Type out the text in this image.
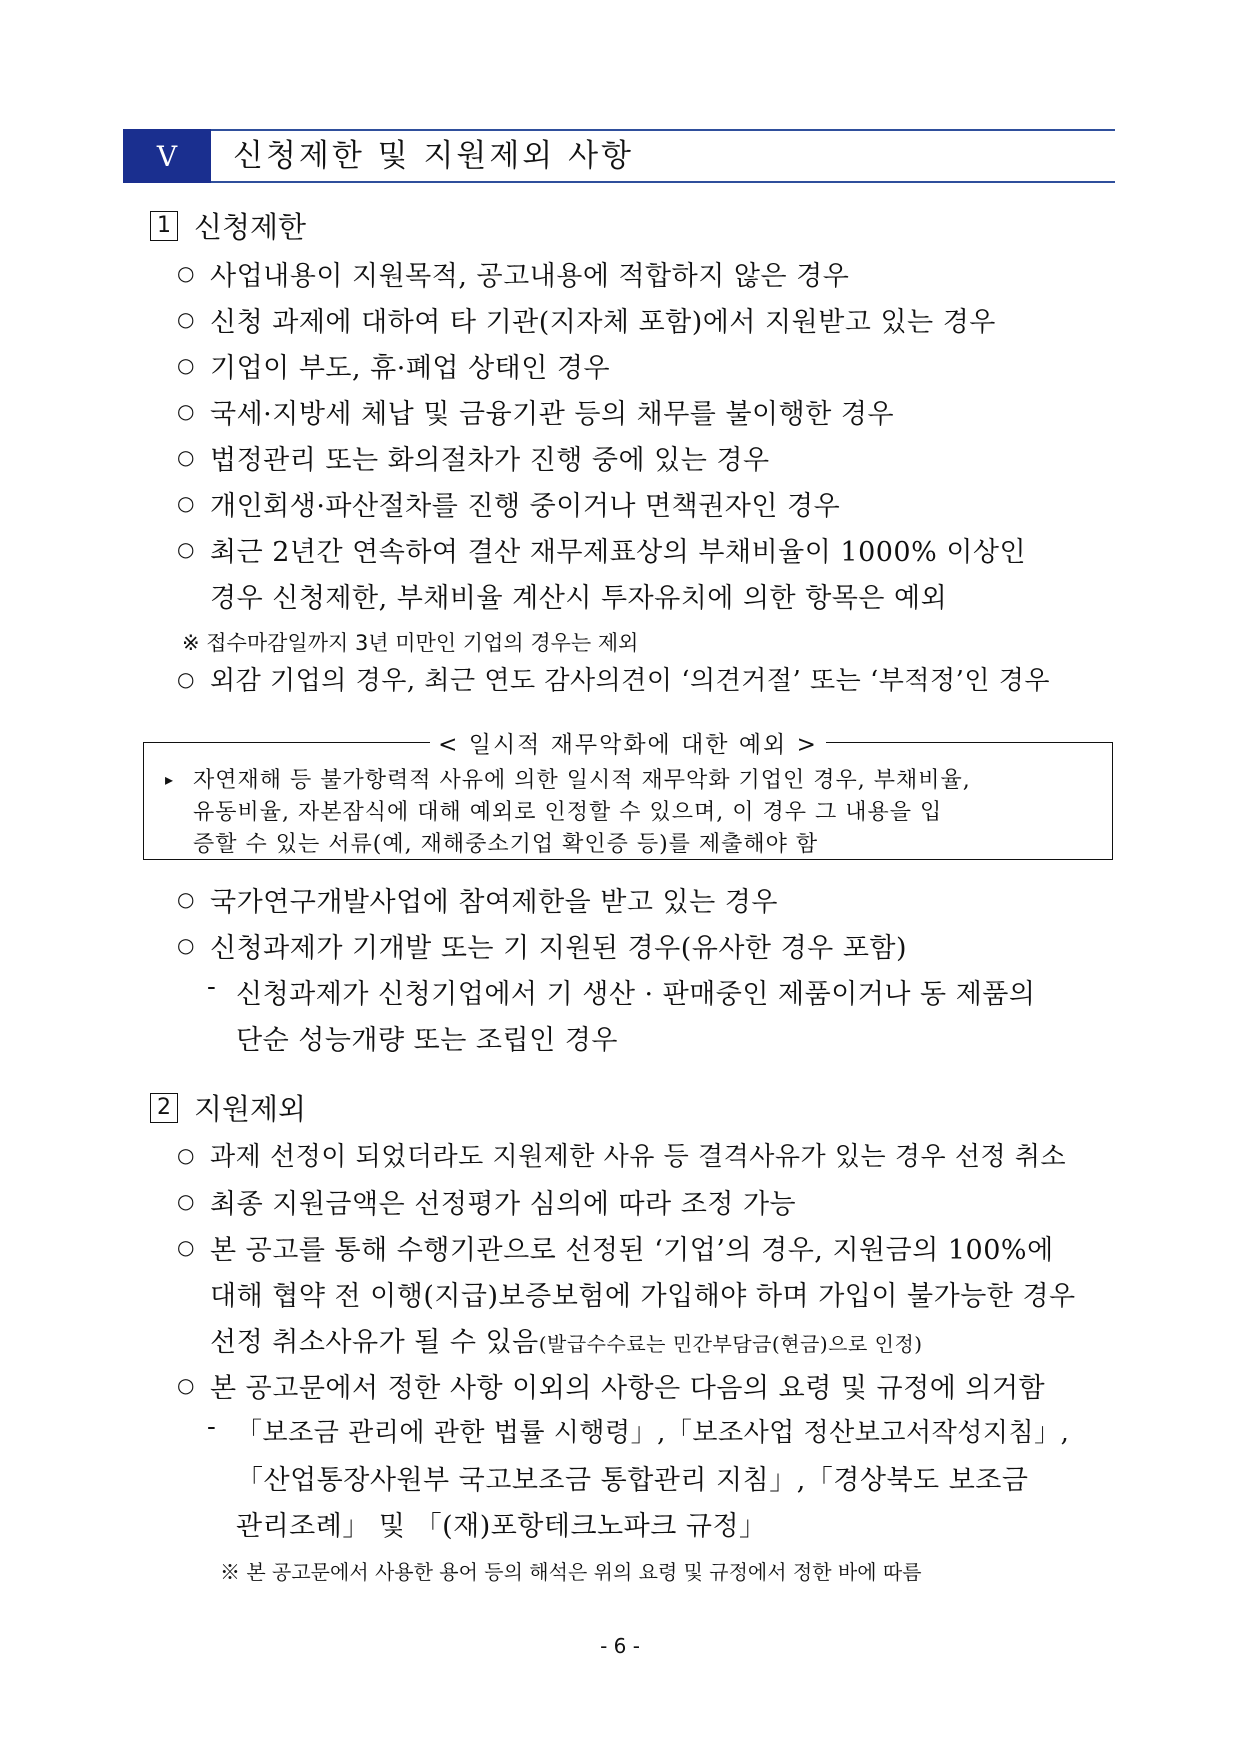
Ⅴ	신청제한 및 지원제외 사항
1 신청제한
○ 사업내용이 지원목적, 공고내용에 적합하지 않은 경우
○ 신청 과제에 대하여 타 기관(지자체 포함)에서 지원받고 있는 경우
○ 기업이 부도, 휴·폐업 상태인 경우
○ 국세·지방세 체납 및 금융기관 등의 채무를 불이행한 경우
○ 법정관리 또는 화의절차가 진행 중에 있는 경우
○ 개인회생·파산절차를 진행 중이거나 면책권자인 경우
○ 최근 2년간 연속하여 결산 재무제표상의 부채비율이 1000% 이상인
경우 신청제한, 부채비율 계산시 투자유치에 의한 항목은 예외
※ 접수마감일까지 3년 미만인 기업의 경우는 제외
○ 외감 기업의 경우, 최근 연도 감사의견이 ‘의견거절’ 또는 ‘부적정’인 경우
< 일시적 재무악화에 대한 예외 >
▸ 자연재해 등 불가항력적 사유에 의한 일시적 재무악화 기업인 경우, 부채비율,
유동비율, 자본잠식에 대해 예외로 인정할 수 있으며, 이 경우 그 내용을 입
증할 수 있는 서류(예, 재해중소기업 확인증 등)를 제출해야 함
○ 국가연구개발사업에 참여제한을 받고 있는 경우
○ 신청과제가 기개발 또는 기 지원된 경우(유사한 경우 포함)
- 신청과제가 신청기업에서 기 생산 · 판매중인 제품이거나 동 제품의
단순 성능개량 또는 조립인 경우
2 지원제외
○ 과제 선정이 되었더라도 지원제한 사유 등 결격사유가 있는 경우 선정 취소
○ 최종 지원금액은 선정평가 심의에 따라 조정 가능
○ 본 공고를 통해 수행기관으로 선정된 ‘기업’의 경우, 지원금의 100%에
대해 협약 전 이행(지급)보증보험에 가입해야 하며 가입이 불가능한 경우
선정 취소사유가 될 수 있음(발급수수료는 민간부담금(현금)으로 인정)
○ 본 공고문에서 정한 사항 이외의 사항은 다음의 요령 및 규정에 의거함
- 「보조금 관리에 관한 법률 시행령」,「보조사업 정산보고서작성지침」,
「산업통장사원부 국고보조금 통합관리 지침」,「경상북도 보조금
관리조례」 및 「(재)포항테크노파크 규정」
※ 본 공고문에서 사용한 용어 등의 해석은 위의 요령 및 규정에서 정한 바에 따름
- 6 -
